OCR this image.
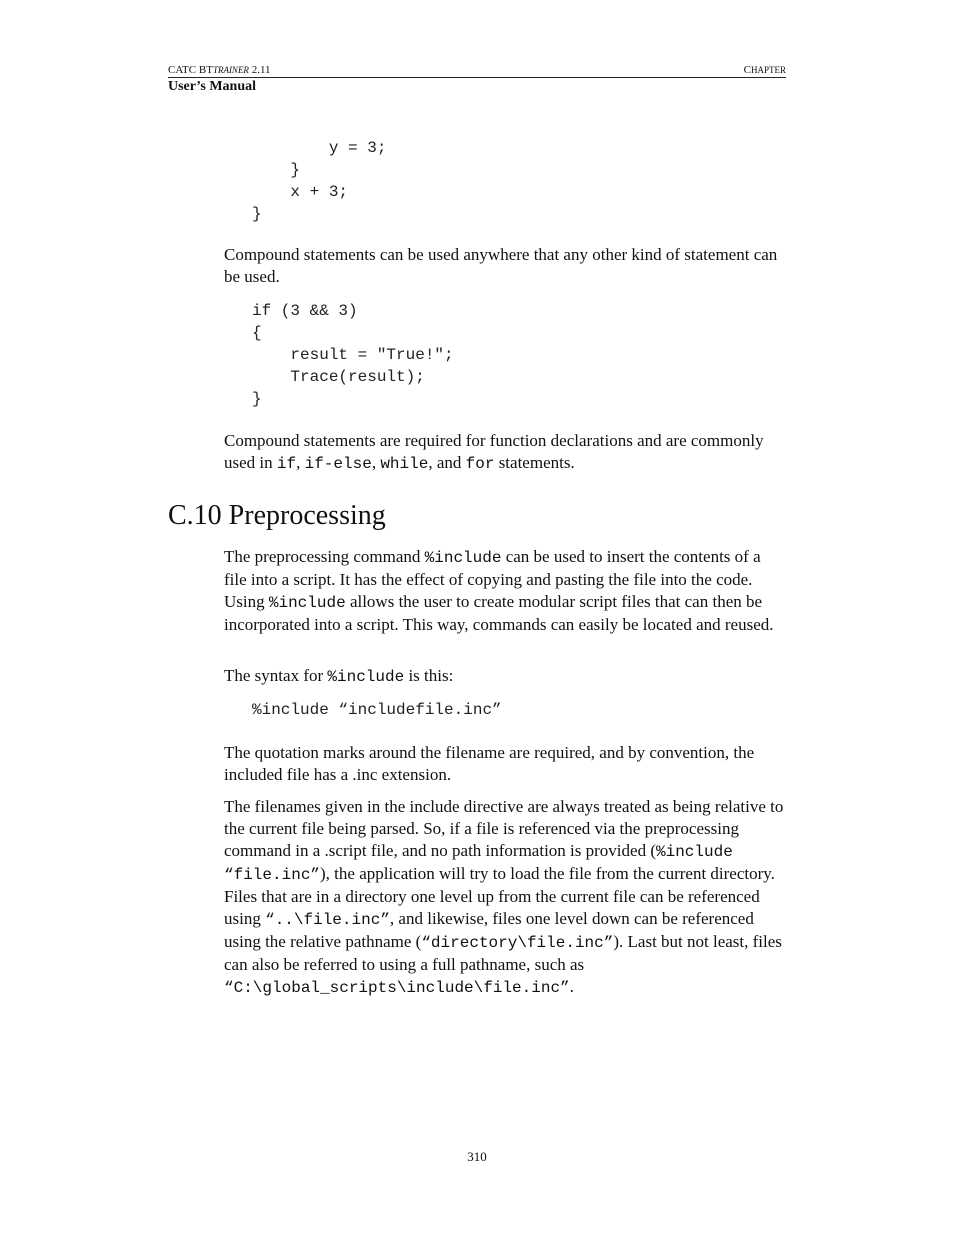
CATC BTTRAINER 2.11	CHAPTER
User’s Manual
y = 3;
}
x + 3;
}

Compound statements can be used anywhere that any other kind of statement can be used.

if (3 && 3)
{
result = "True!";
Trace(result);
}

Compound statements are required for function declarations and are commonly used in if, if-else, while, and for statements.

C.10 Preprocessing

The preprocessing command %include can be used to insert the contents of a file into a script. It has the effect of copying and pasting the file into the code. Using %include allows the user to create modular script files that can then be incorporated into a script. This way, commands can easily be located and reused.

The syntax for %include is this:

%include “includefile.inc”

The quotation marks around the filename are required, and by convention, the included file has a .inc extension.

The filenames given in the include directive are always treated as being relative to the current file being parsed. So, if a file is referenced via the preprocessing command in a .script file, and no path information is provided (%include “file.inc”), the application will try to load the file from the current directory. Files that are in a directory one level up from the current file can be referenced using “..\file.inc”, and likewise, files one level down can be referenced using the relative pathname (“directory\file.inc”). Last but not least, files can also be referred to using a full pathname, such as “C:\global_scripts\include\file.inc”.

310
